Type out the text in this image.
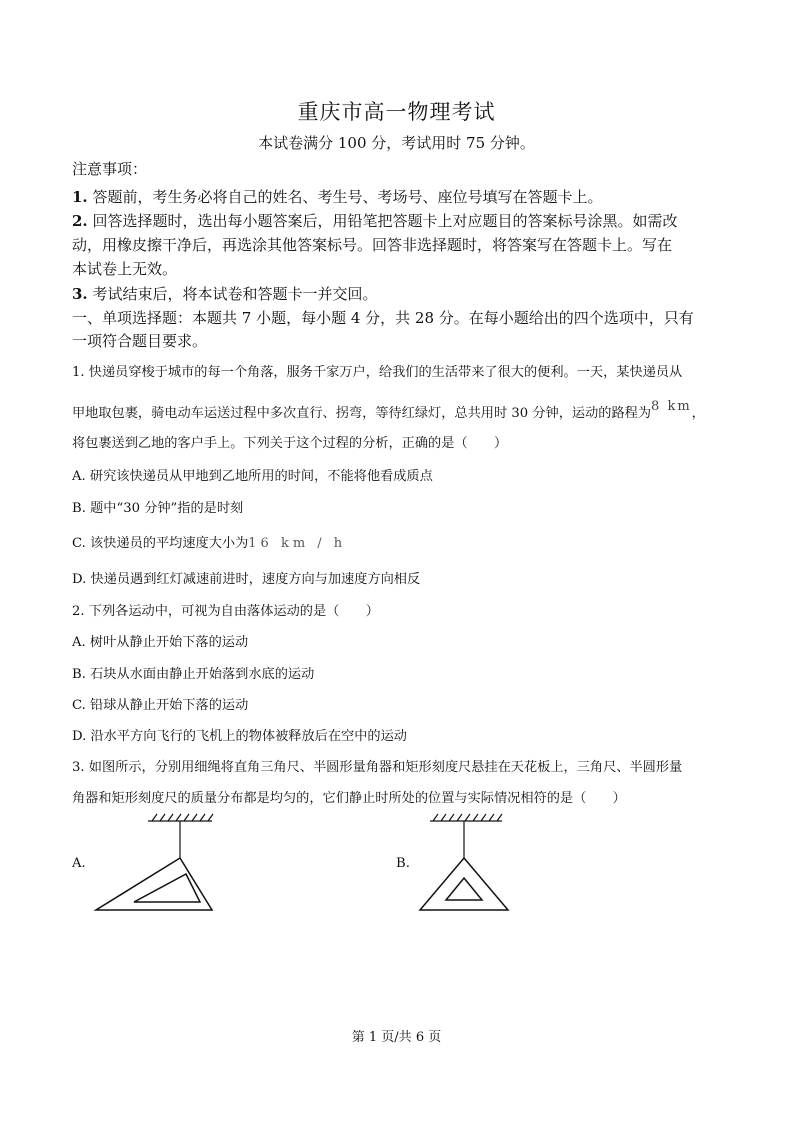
重庆市高一物理考试
本试卷满分 100 分，考试用时 75 分钟。
注意事项：
1. 答题前，考生务必将自己的姓名、考生号、考场号、座位号填写在答题卡上。
2. 回答选择题时，选出每小题答案后，用铅笔把答题卡上对应题目的答案标号涂黑。如需改
动，用橡皮擦干净后，再选涂其他答案标号。回答非选择题时，将答案写在答题卡上。写在
本试卷上无效。
3. 考试结束后，将本试卷和答题卡一并交回。
一、单项选择题：本题共 7 小题，每小题 4 分，共 28 分。在每小题给出的四个选项中，只有
一项符合题目要求。
1. 快递员穿梭于城市的每一个角落，服务千家万户，给我们的生活带来了很大的便利。一天，某快递员从
甲地取包裹，骑电动车运送过程中多次直行、拐弯，等待红绿灯，总共用时 30 分钟，运动的路程为8 km，
将包裹送到乙地的客户手上。下列关于这个过程的分析，正确的是（　　）
A. 研究该快递员从甲地到乙地所用的时间，不能将他看成质点
B. 题中“30 分钟”指的是时刻
C. 该快递员的平均速度大小为16 km / h
D. 快递员遇到红灯减速前进时，速度方向与加速度方向相反
2. 下列各运动中，可视为自由落体运动的是（　　）
A. 树叶从静止开始下落的运动
B. 石块从水面由静止开始落到水底的运动
C. 铅球从静止开始下落的运动
D. 沿水平方向飞行的飞机上的物体被释放后在空中的运动
3. 如图所示，分别用细绳将直角三角尺、半圆形量角器和矩形刻度尺悬挂在天花板上，三角尺、半圆形量
角器和矩形刻度尺的质量分布都是均匀的，它们静止时所处的位置与实际情况相符的是（　　）
A.	B.
第 1 页/共 6 页
